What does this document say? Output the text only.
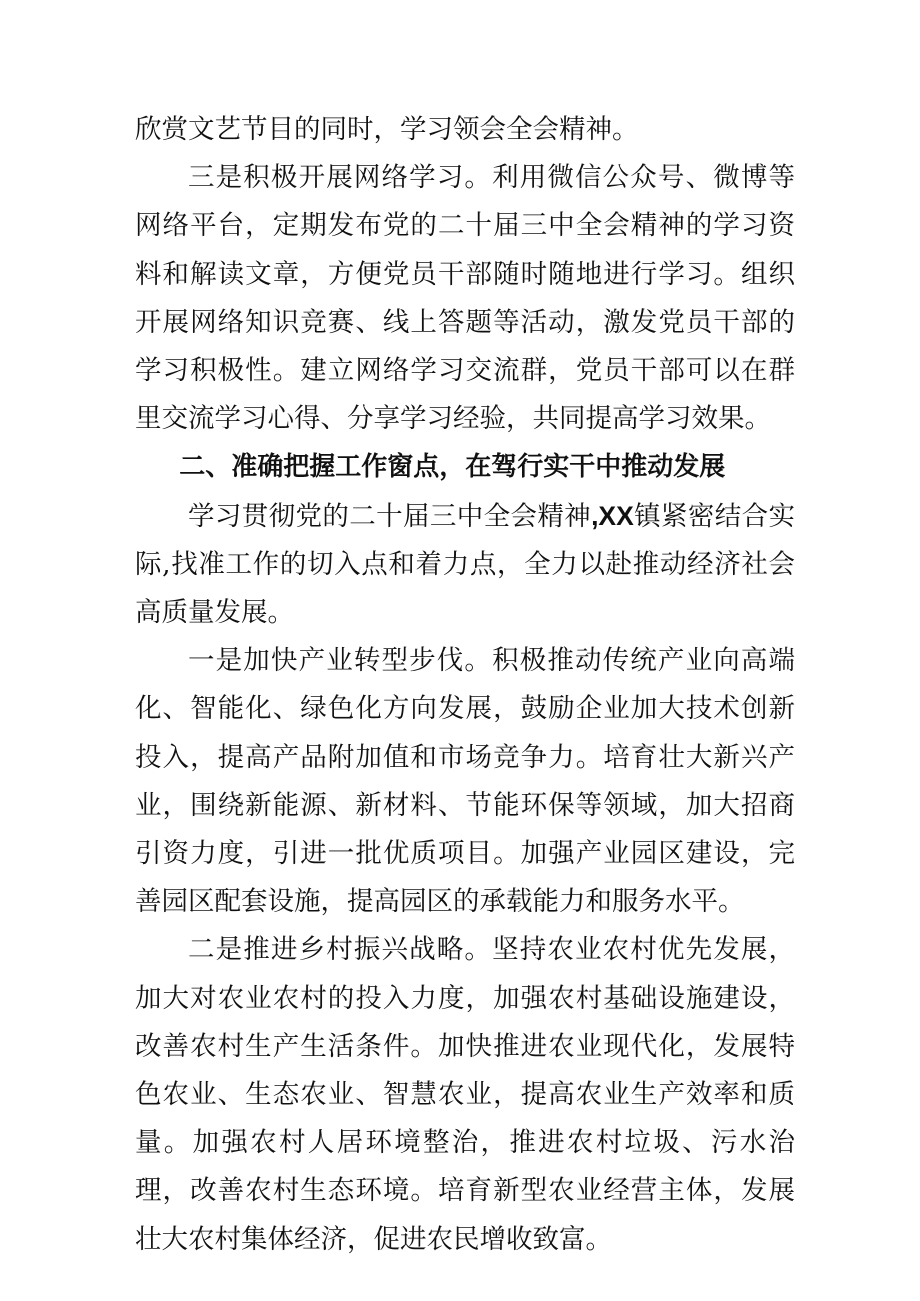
欣赏文艺节目的同时，学习领会全会精神。

三是积极开展网络学习。利用微信公众号、微博等网络平台，定期发布党的二十届三中全会精神的学习资料和解读文章，方便党员干部随时随地进行学习。组织开展网络知识竞赛、线上答题等活动，激发党员干部的学习积极性。建立网络学习交流群，党员干部可以在群里交流学习心得、分享学习经验，共同提高学习效果。

二、准确把握工作窗点，在驾行实干中推动发展

学习贯彻党的二十届三中全会精神,XX镇紧密结合实际,找准工作的切入点和着力点，全力以赴推动经济社会高质量发展。

一是加快产业转型步伐。积极推动传统产业向高端化、智能化、绿色化方向发展，鼓励企业加大技术创新投入，提高产品附加值和市场竞争力。培育壮大新兴产业，围绕新能源、新材料、节能环保等领域，加大招商引资力度，引进一批优质项目。加强产业园区建设，完善园区配套设施，提高园区的承载能力和服务水平。

二是推进乡村振兴战略。坚持农业农村优先发展，加大对农业农村的投入力度，加强农村基础设施建设，改善农村生产生活条件。加快推进农业现代化，发展特色农业、生态农业、智慧农业，提高农业生产效率和质量。加强农村人居环境整治，推进农村垃圾、污水治理，改善农村生态环境。培育新型农业经营主体，发展壮大农村集体经济，促进农民增收致富。
